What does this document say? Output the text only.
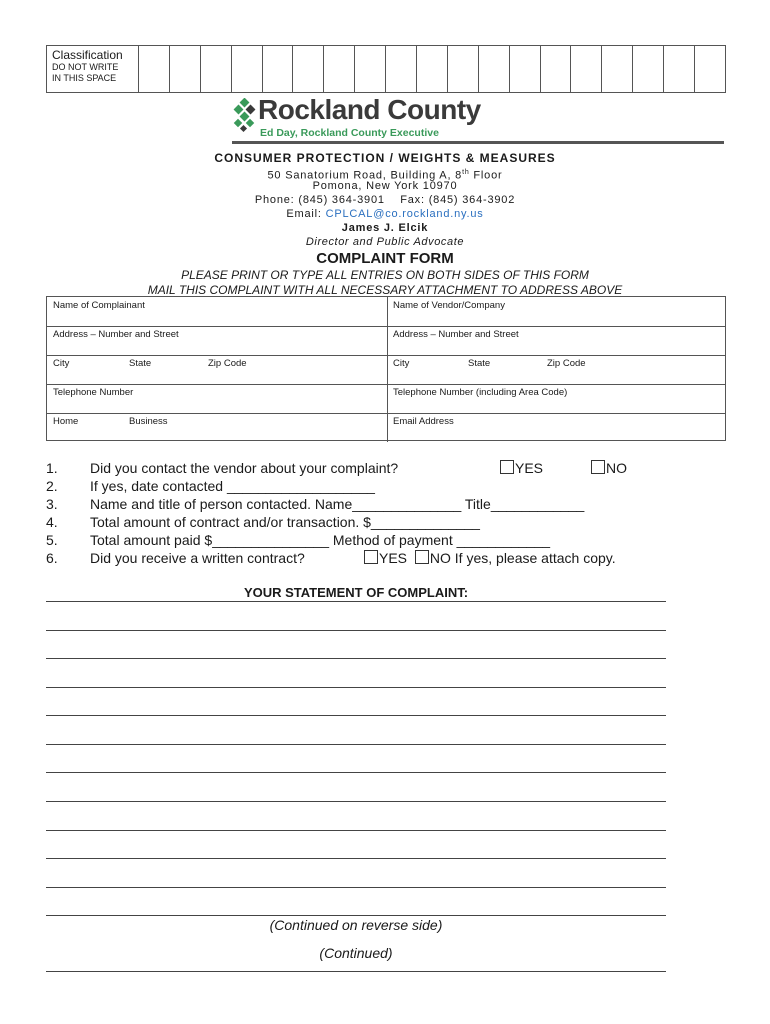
Classification
DO NOT WRITE
IN THIS SPACE
Rockland County
Ed Day, Rockland County Executive
CONSUMER PROTECTION / WEIGHTS & MEASURES
50 Sanatorium Road, Building A, 8th Floor
Pomona, New York 10970
Phone: (845) 364-3901 Fax: (845) 364-3902
Email: CPLCAL@co.rockland.ny.us
James J. Elcik
Director and Public Advocate
COMPLAINT FORM
PLEASE PRINT OR TYPE ALL ENTRIES ON BOTH SIDES OF THIS FORM
MAIL THIS COMPLAINT WITH ALL NECESSARY ATTACHMENT TO ADDRESS ABOVE
Name of Complainant	Name of Vendor/Company
Address – Number and Street	Address – Number and Street
City	State	Zip Code	City	State	Zip Code
Telephone Number	Telephone Number (including Area Code)
Home	Business	Email Address
1. Did you contact the vendor about your complaint?	YES	NO
2. If yes, date contacted ___________________
3. Name and title of person contacted. Name______________ Title____________
4. Total amount of contract and/or transaction. $______________
5. Total amount paid $_______________ Method of payment ____________
6. Did you receive a written contract?	YES NO If yes, please attach copy.
YOUR STATEMENT OF COMPLAINT:
(Continued on reverse side)
(Continued)
